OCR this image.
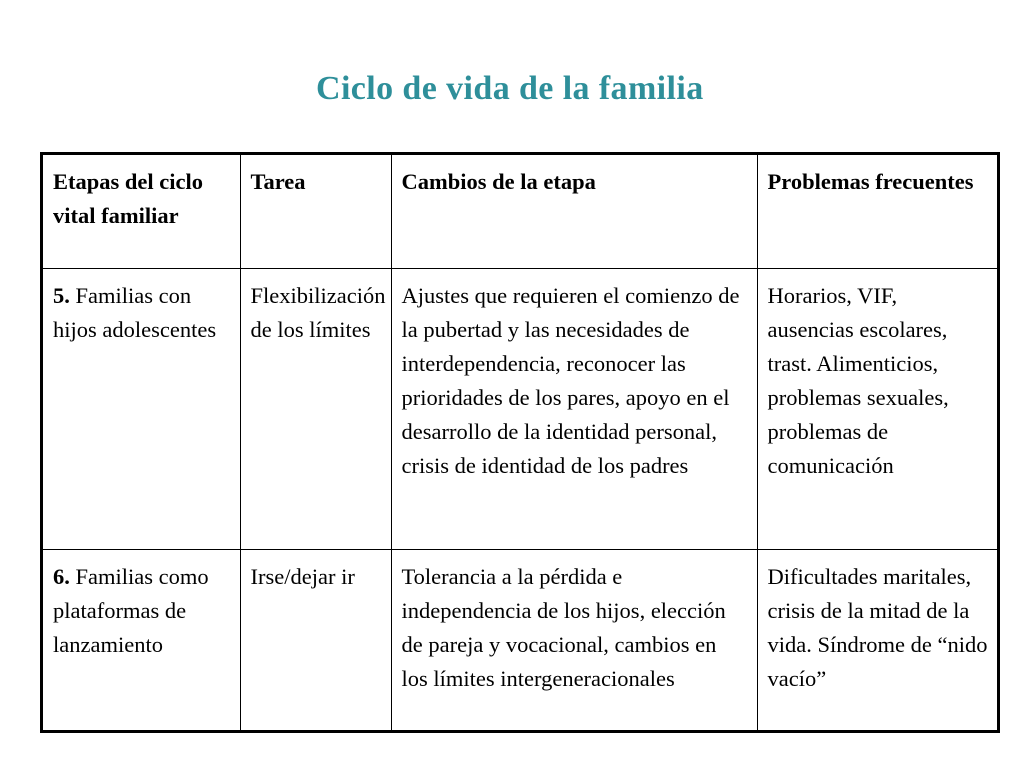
Ciclo de vida de la familia
Etapas del ciclo vital familiar	Tarea	Cambios de la etapa	Problemas frecuentes
5. Familias con hijos adolescentes	Flexibilización de los límites	Ajustes que requieren el comienzo de la pubertad y las necesidades de interdependencia, reconocer las prioridades de los pares, apoyo en el desarrollo de la identidad personal, crisis de identidad de los padres	Horarios, VIF, ausencias escolares, trast. Alimenticios, problemas sexuales, problemas de comunicación
6. Familias como plataformas de lanzamiento	Irse/dejar ir	Tolerancia a la pérdida e independencia de los hijos, elección de pareja y vocacional, cambios en los límites intergeneracionales	Dificultades maritales, crisis de la mitad de la vida. Síndrome de “nido vacío”
